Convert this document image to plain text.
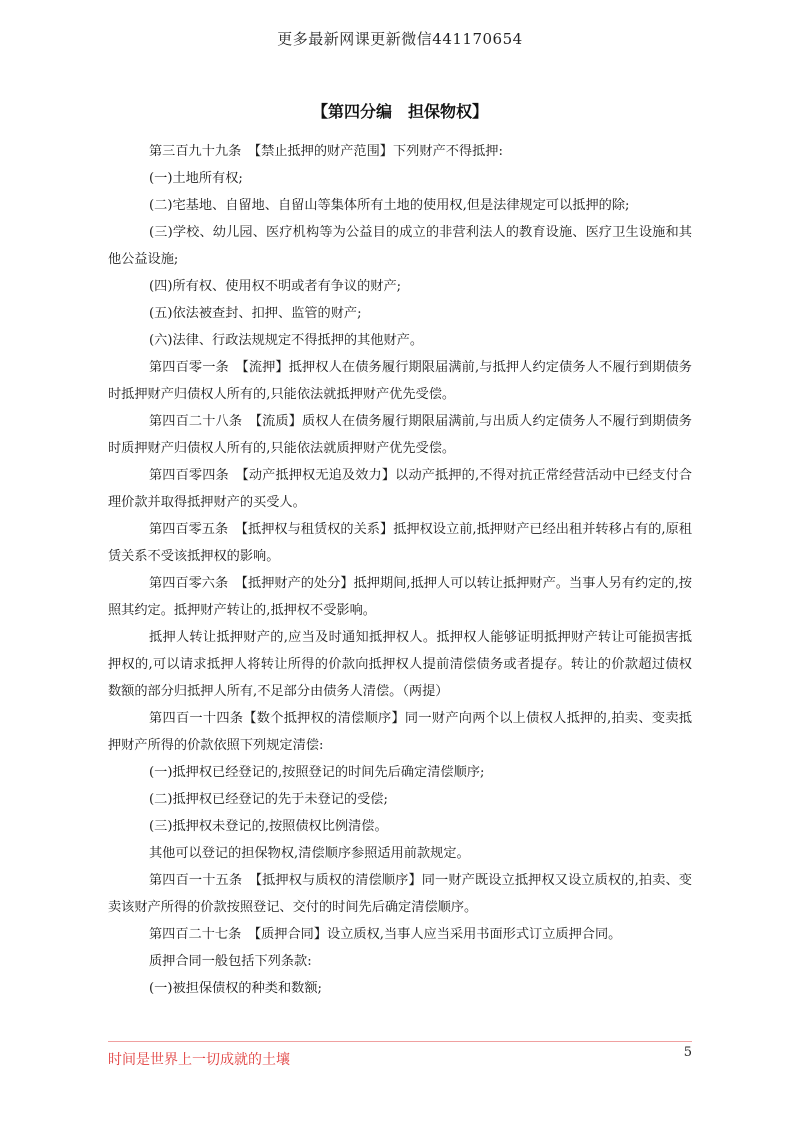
更多最新网课更新微信441170654
【第四分编　担保物权】

第三百九十九条　【禁止抵押的财产范围】下列财产不得抵押:

(一)土地所有权;

(二)宅基地、自留地、自留山等集体所有土地的使用权,但是法律规定可以抵押的除;

(三)学校、幼儿园、医疗机构等为公益目的成立的非营利法人的教育设施、医疗卫生设施和其他公益设施;

(四)所有权、使用权不明或者有争议的财产;

(五)依法被查封、扣押、监管的财产;

(六)法律、行政法规规定不得抵押的其他财产。

第四百零一条　【流押】抵押权人在债务履行期限届满前,与抵押人约定债务人不履行到期债务时抵押财产归债权人所有的,只能依法就抵押财产优先受偿。

第四百二十八条　【流质】质权人在债务履行期限届满前,与出质人约定债务人不履行到期债务时质押财产归债权人所有的,只能依法就质押财产优先受偿。

第四百零四条　【动产抵押权无追及效力】以动产抵押的,不得对抗正常经营活动中已经支付合理价款并取得抵押财产的买受人。

第四百零五条　【抵押权与租赁权的关系】抵押权设立前,抵押财产已经出租并转移占有的,原租赁关系不受该抵押权的影响。

第四百零六条　【抵押财产的处分】抵押期间,抵押人可以转让抵押财产。当事人另有约定的,按照其约定。抵押财产转让的,抵押权不受影响。

抵押人转让抵押财产的,应当及时通知抵押权人。抵押权人能够证明抵押财产转让可能损害抵押权的,可以请求抵押人将转让所得的价款向抵押权人提前清偿债务或者提存。转让的价款超过债权数额的部分归抵押人所有,不足部分由债务人清偿。（两提）

第四百一十四条【数个抵押权的清偿顺序】同一财产向两个以上债权人抵押的,拍卖、变卖抵押财产所得的价款依照下列规定清偿:

(一)抵押权已经登记的,按照登记的时间先后确定清偿顺序;

(二)抵押权已经登记的先于未登记的受偿;

(三)抵押权未登记的,按照债权比例清偿。

其他可以登记的担保物权,清偿顺序参照适用前款规定。

第四百一十五条　【抵押权与质权的清偿顺序】同一财产既设立抵押权又设立质权的,拍卖、变卖该财产所得的价款按照登记、交付的时间先后确定清偿顺序。

第四百二十七条　【质押合同】设立质权,当事人应当采用书面形式订立质押合同。

质押合同一般包括下列条款:

(一)被担保债权的种类和数额;

时间是世界上一切成就的土壤	5
